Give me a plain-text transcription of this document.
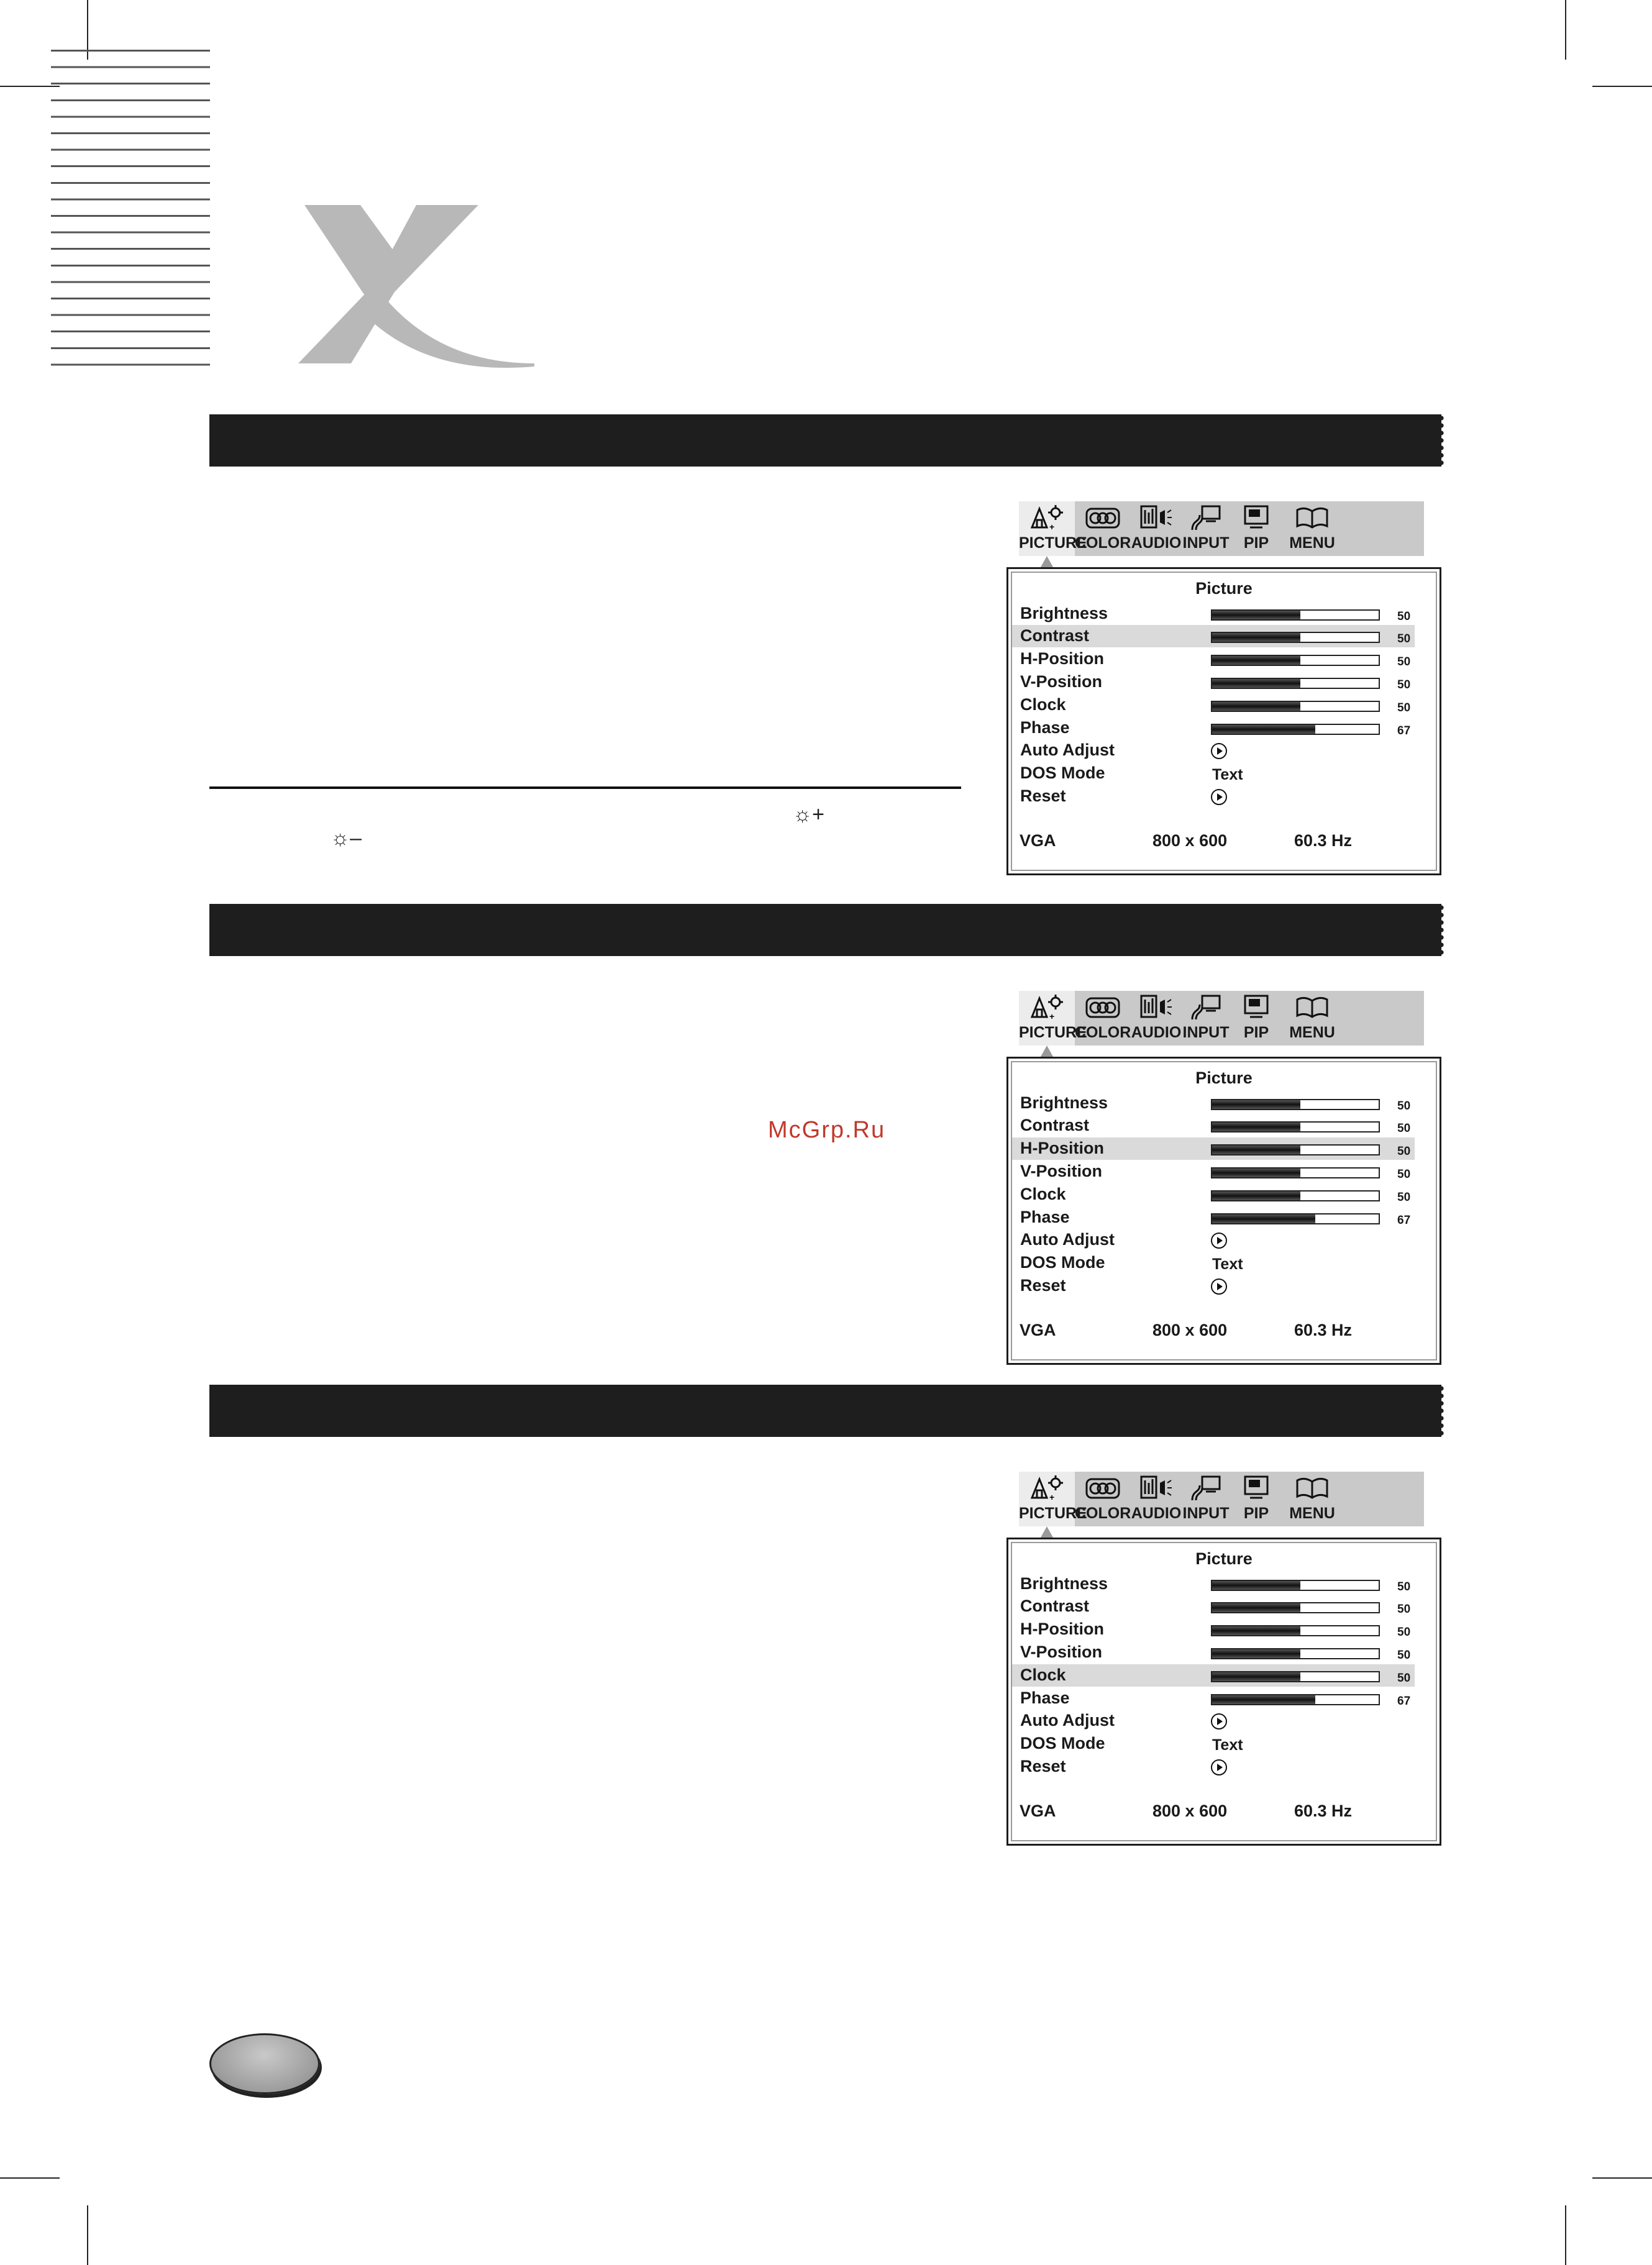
☼+
☼–
McGrp.Ru
+
PICTURE
COLOR AUDIO INPUT PIP	MENU
Picture
Brightness	50
Contrast	50
H-Position	50
V-Position	50
Clock	50
Phase	67
Auto Adjust
DOS Mode	Text
Reset
VGA	800 x 600	60.3 Hz
+
PICTURE
COLOR AUDIO INPUT PIP	MENU
Picture
Brightness	50
Contrast	50
H-Position	50
V-Position	50
Clock	50
Phase	67
Auto Adjust
DOS Mode	Text
Reset
VGA	800 x 600	60.3 Hz
+
PICTURE
COLOR AUDIO INPUT PIP	MENU
Picture
Brightness	50
Contrast	50
H-Position	50
V-Position	50
Clock	50
Phase	67
Auto Adjust
DOS Mode	Text
Reset
VGA	800 x 600	60.3 Hz
